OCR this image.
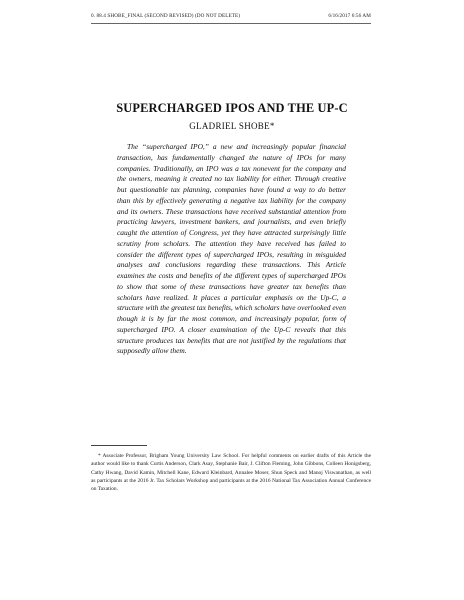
0. 88.4 SHOBE_FINAL (SECOND REVISED) (DO NOT DELETE)	6/16/2017 6:56 AM
SUPERCHARGED IPOS AND THE UP-C

GLADRIEL SHOBE*

The “supercharged IPO,” a new and increasingly popular financial transaction, has fundamentally changed the nature of IPOs for many companies. Traditionally, an IPO was a tax nonevent for the company and the owners, meaning it created no tax liability for either. Through creative but questionable tax planning, companies have found a way to do better than this by effectively generating a negative tax liability for the company and its owners. These transactions have received substantial attention from practicing lawyers, investment bankers, and journalists, and even briefly caught the attention of Congress, yet they have attracted surprisingly little scrutiny from scholars. The attention they have received has failed to consider the different types of supercharged IPOs, resulting in misguided analyses and conclusions regarding these transactions. This Article examines the costs and benefits of the different types of supercharged IPOs to show that some of these transactions have greater tax benefits than scholars have realized. It places a particular emphasis on the Up-C, a structure with the greatest tax benefits, which scholars have overlooked even though it is by far the most common, and increasingly popular, form of supercharged IPO. A closer examination of the Up-C reveals that this structure produces tax benefits that are not justified by the regulations that supposedly allow them.

* Associate Professor, Brigham Young University Law School. For helpful comments on earlier drafts of this Article the author would like to thank Curtis Anderson, Clark Asay, Stephanie Bair, J. Clifton Fleming, John Gibbons, Colleen Honigsberg, Cathy Hwang, David Kamin, Mitchell Kane, Edward Kleinbard, Annalee Moser, Shun Speck and Manoj Viswanathan, as well as participants at the 2016 Jr. Tax Scholars Workshop and participants at the 2016 National Tax Association Annual Conference on Taxation.
